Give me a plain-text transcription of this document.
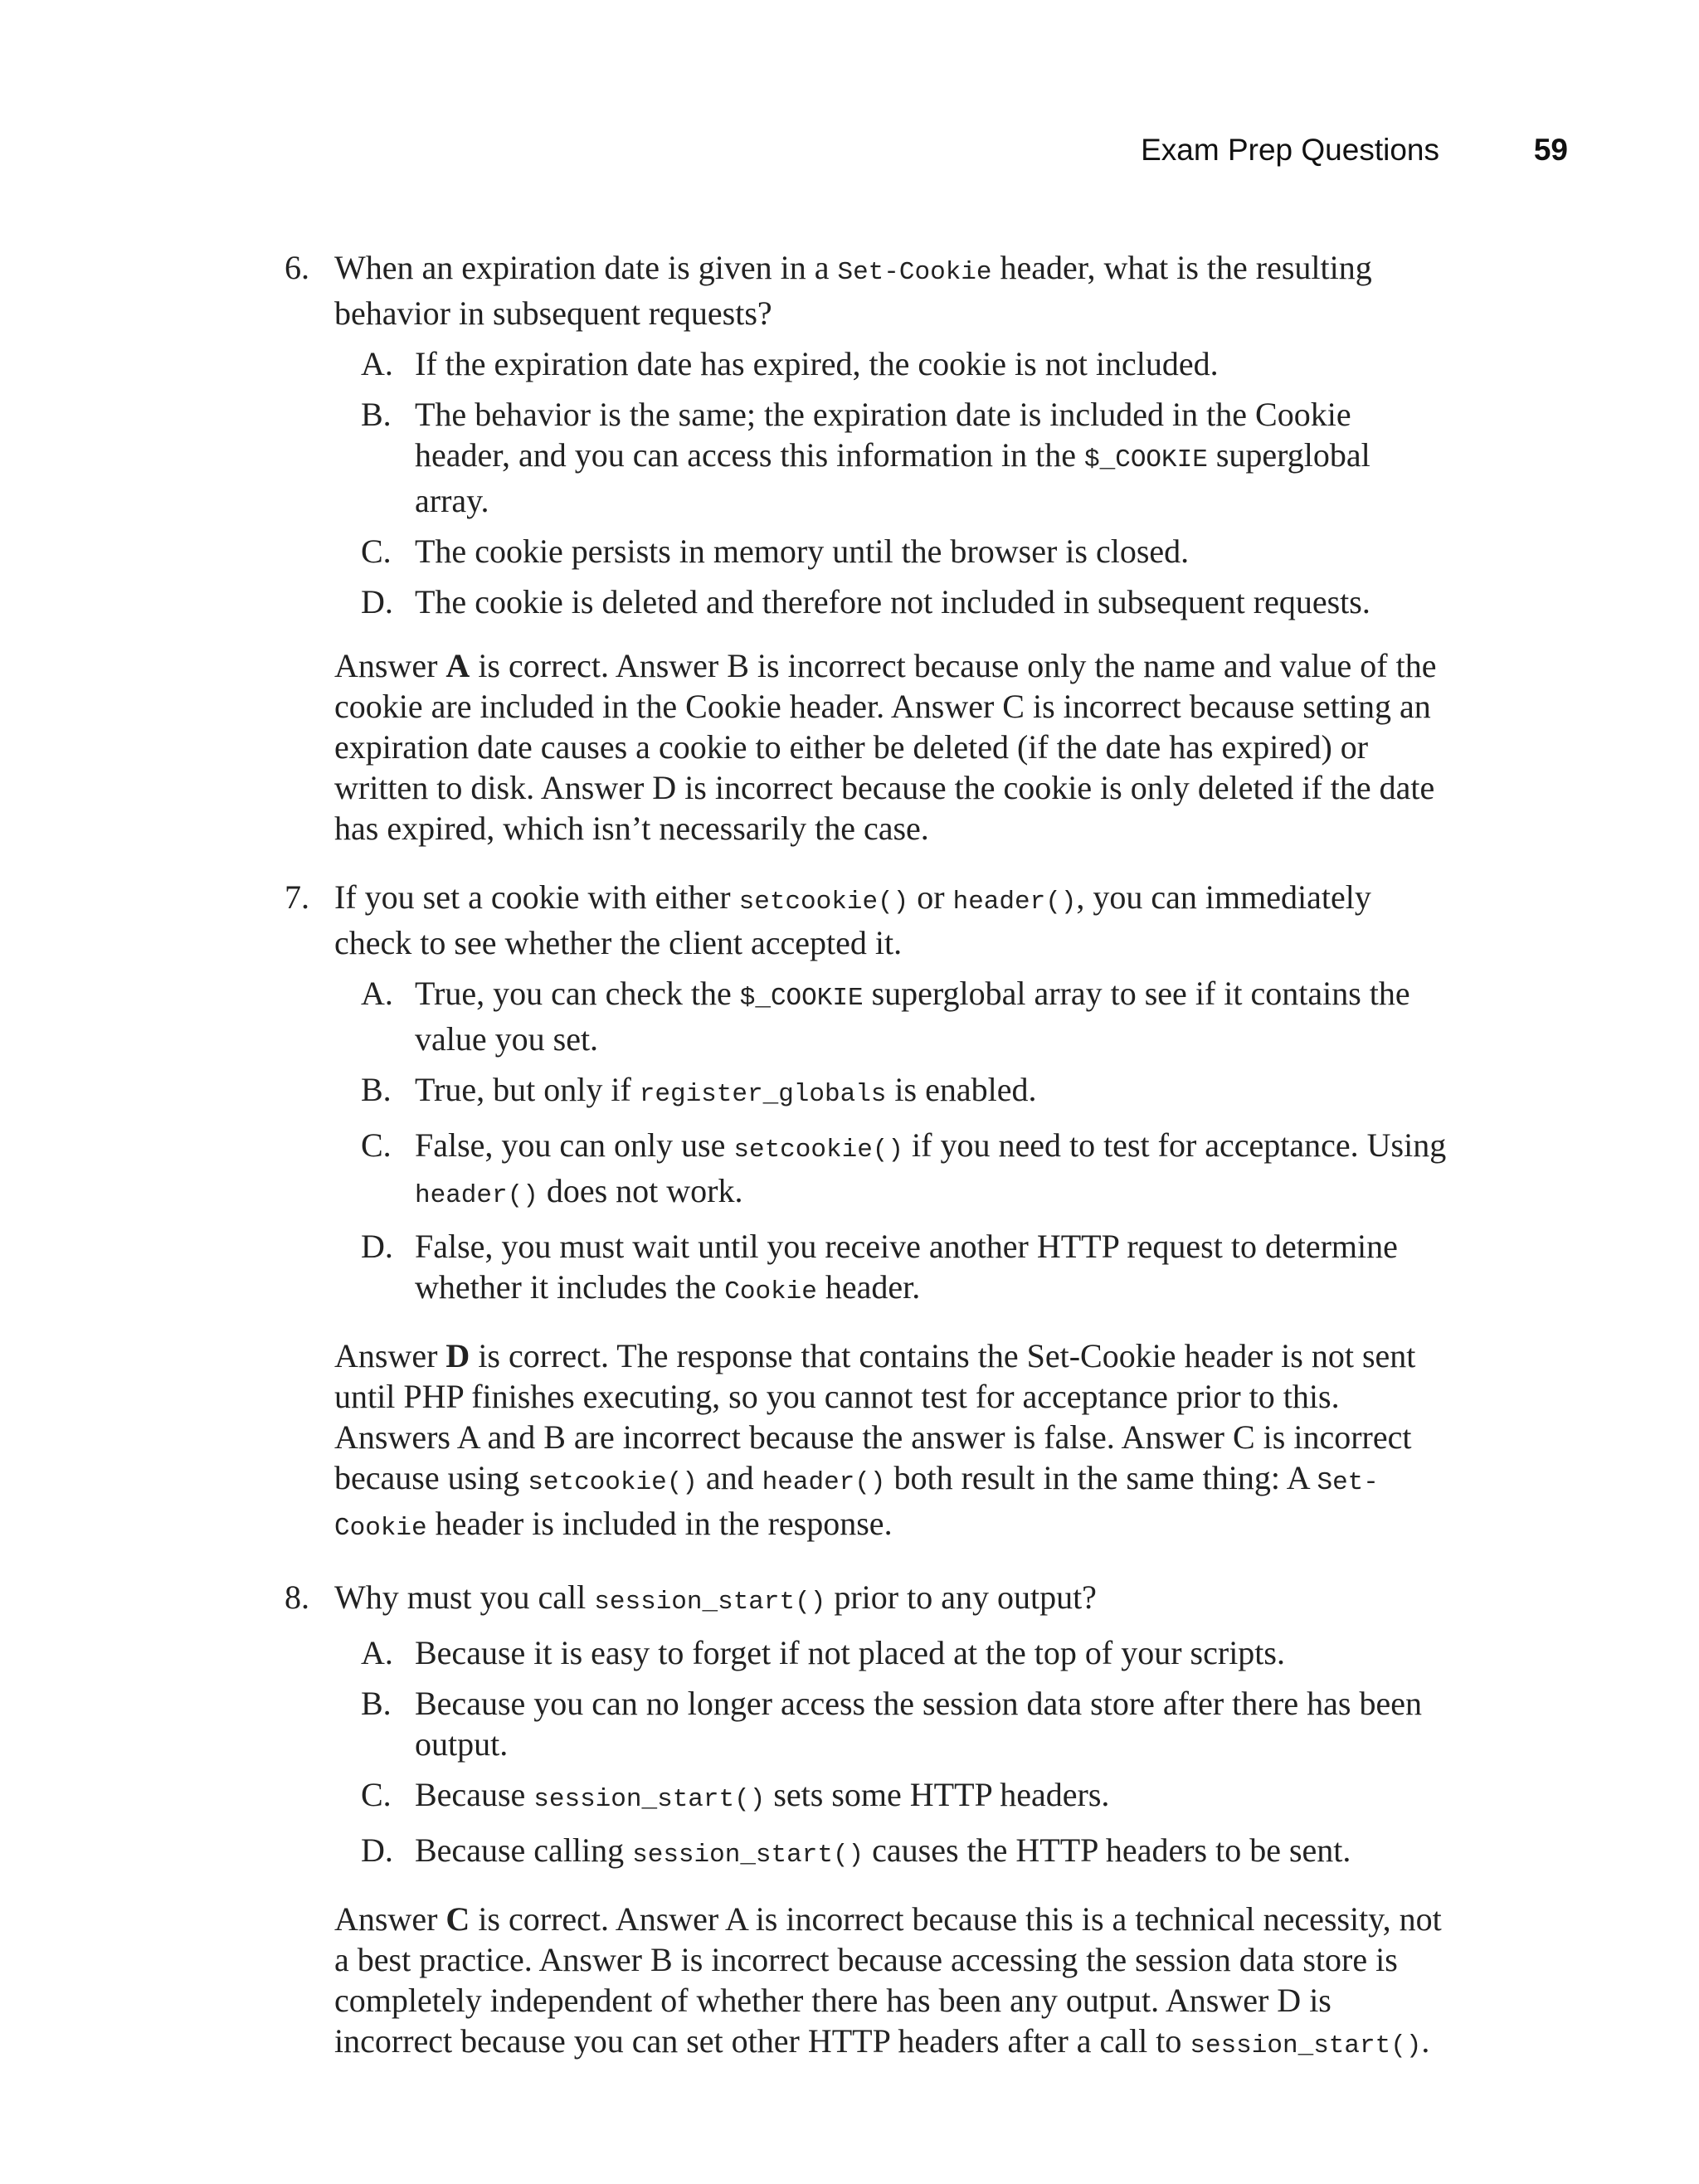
Exam Prep Questions	59
6. When an expiration date is given in a Set-Cookie header, what is the resulting behavior in subsequent requests?
A. If the expiration date has expired, the cookie is not included.
B. The behavior is the same; the expiration date is included in the Cookie header, and you can access this information in the $_COOKIE superglobal array.
C. The cookie persists in memory until the browser is closed.
D. The cookie is deleted and therefore not included in subsequent requests.
Answer A is correct. Answer B is incorrect because only the name and value of the cookie are included in the Cookie header. Answer C is incorrect because setting an expiration date causes a cookie to either be deleted (if the date has expired) or written to disk. Answer D is incorrect because the cookie is only deleted if the date has expired, which isn’t necessarily the case.
7. If you set a cookie with either setcookie() or header(), you can immediately check to see whether the client accepted it.
A. True, you can check the $_COOKIE superglobal array to see if it contains the value you set.
B. True, but only if register_globals is enabled.
C. False, you can only use setcookie() if you need to test for acceptance. Using header() does not work.
D. False, you must wait until you receive another HTTP request to determine whether it includes the Cookie header.
Answer D is correct. The response that contains the Set-Cookie header is not sent until PHP finishes executing, so you cannot test for acceptance prior to this. Answers A and B are incorrect because the answer is false. Answer C is incorrect because using setcookie() and header() both result in the same thing: A Set-Cookie header is included in the response.
8. Why must you call session_start() prior to any output?
A. Because it is easy to forget if not placed at the top of your scripts.
B. Because you can no longer access the session data store after there has been output.
C. Because session_start() sets some HTTP headers.
D. Because calling session_start() causes the HTTP headers to be sent.
Answer C is correct. Answer A is incorrect because this is a technical necessity, not a best practice. Answer B is incorrect because accessing the session data store is completely independent of whether there has been any output. Answer D is incorrect because you can set other HTTP headers after a call to session_start().
